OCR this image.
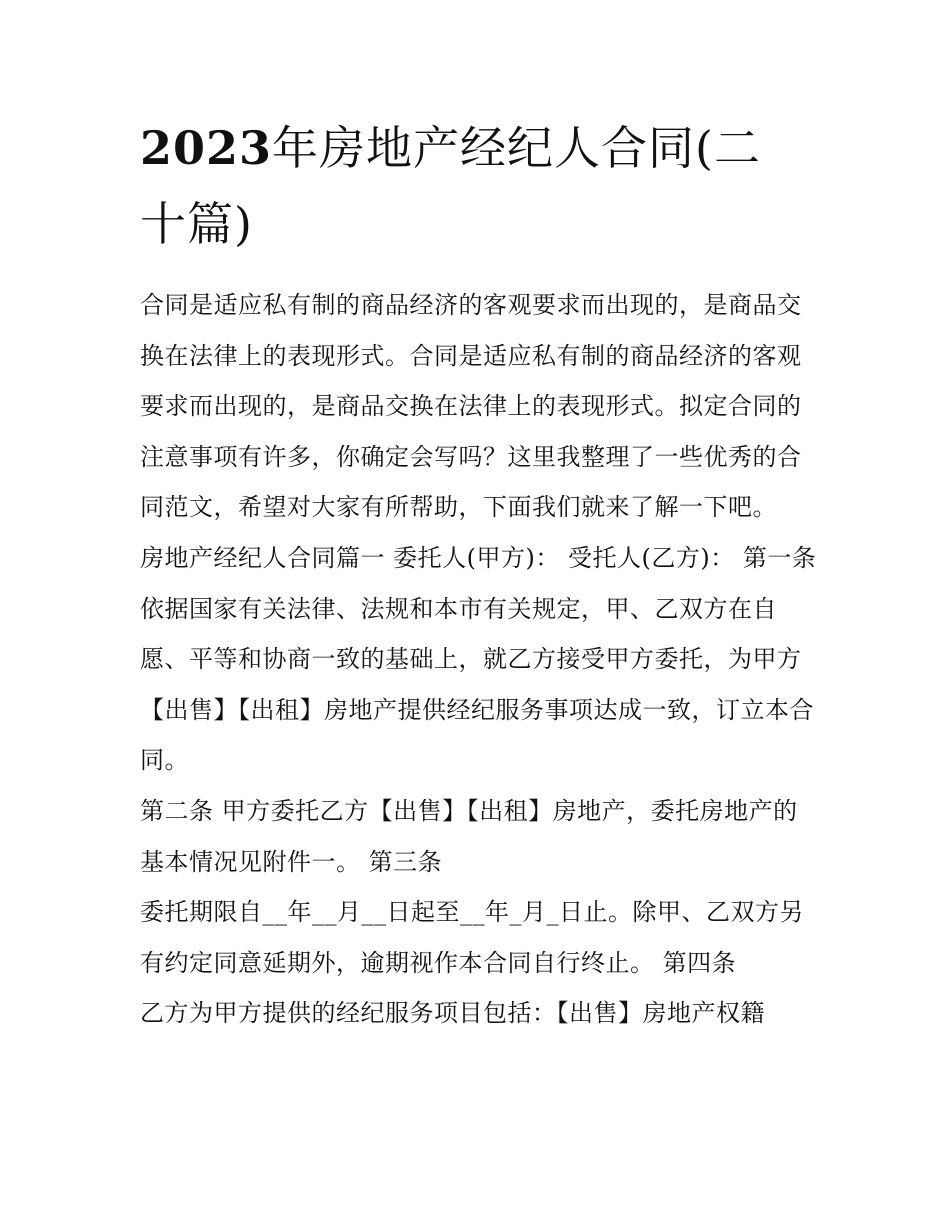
2023年房地产经纪人合同(二
十篇)

合同是适应私有制的商品经济的客观要求而出现的，是商品交换在法律上的表现形式。合同是适应私有制的商品经济的客观要求而出现的，是商品交换在法律上的表现形式。拟定合同的注意事项有许多，你确定会写吗？这里我整理了一些优秀的合同范文，希望对大家有所帮助，下面我们就来了解一下吧。

房地产经纪人合同篇一 委托人(甲方)： 受托人(乙方)： 第一条

依据国家有关法律、法规和本市有关规定，甲、乙双方在自愿、平等和协商一致的基础上，就乙方接受甲方委托，为甲方【出售】【出租】房地产提供经纪服务事项达成一致，订立本合同。

第二条 甲方委托乙方【出售】【出租】房地产，委托房地产的基本情况见附件一。 第三条

委托期限自__年__月__日起至__年_月_日止。除甲、乙双方另有约定同意延期外，逾期视作本合同自行终止。 第四条

乙方为甲方提供的经纪服务项目包括：【出售】房地产权籍
